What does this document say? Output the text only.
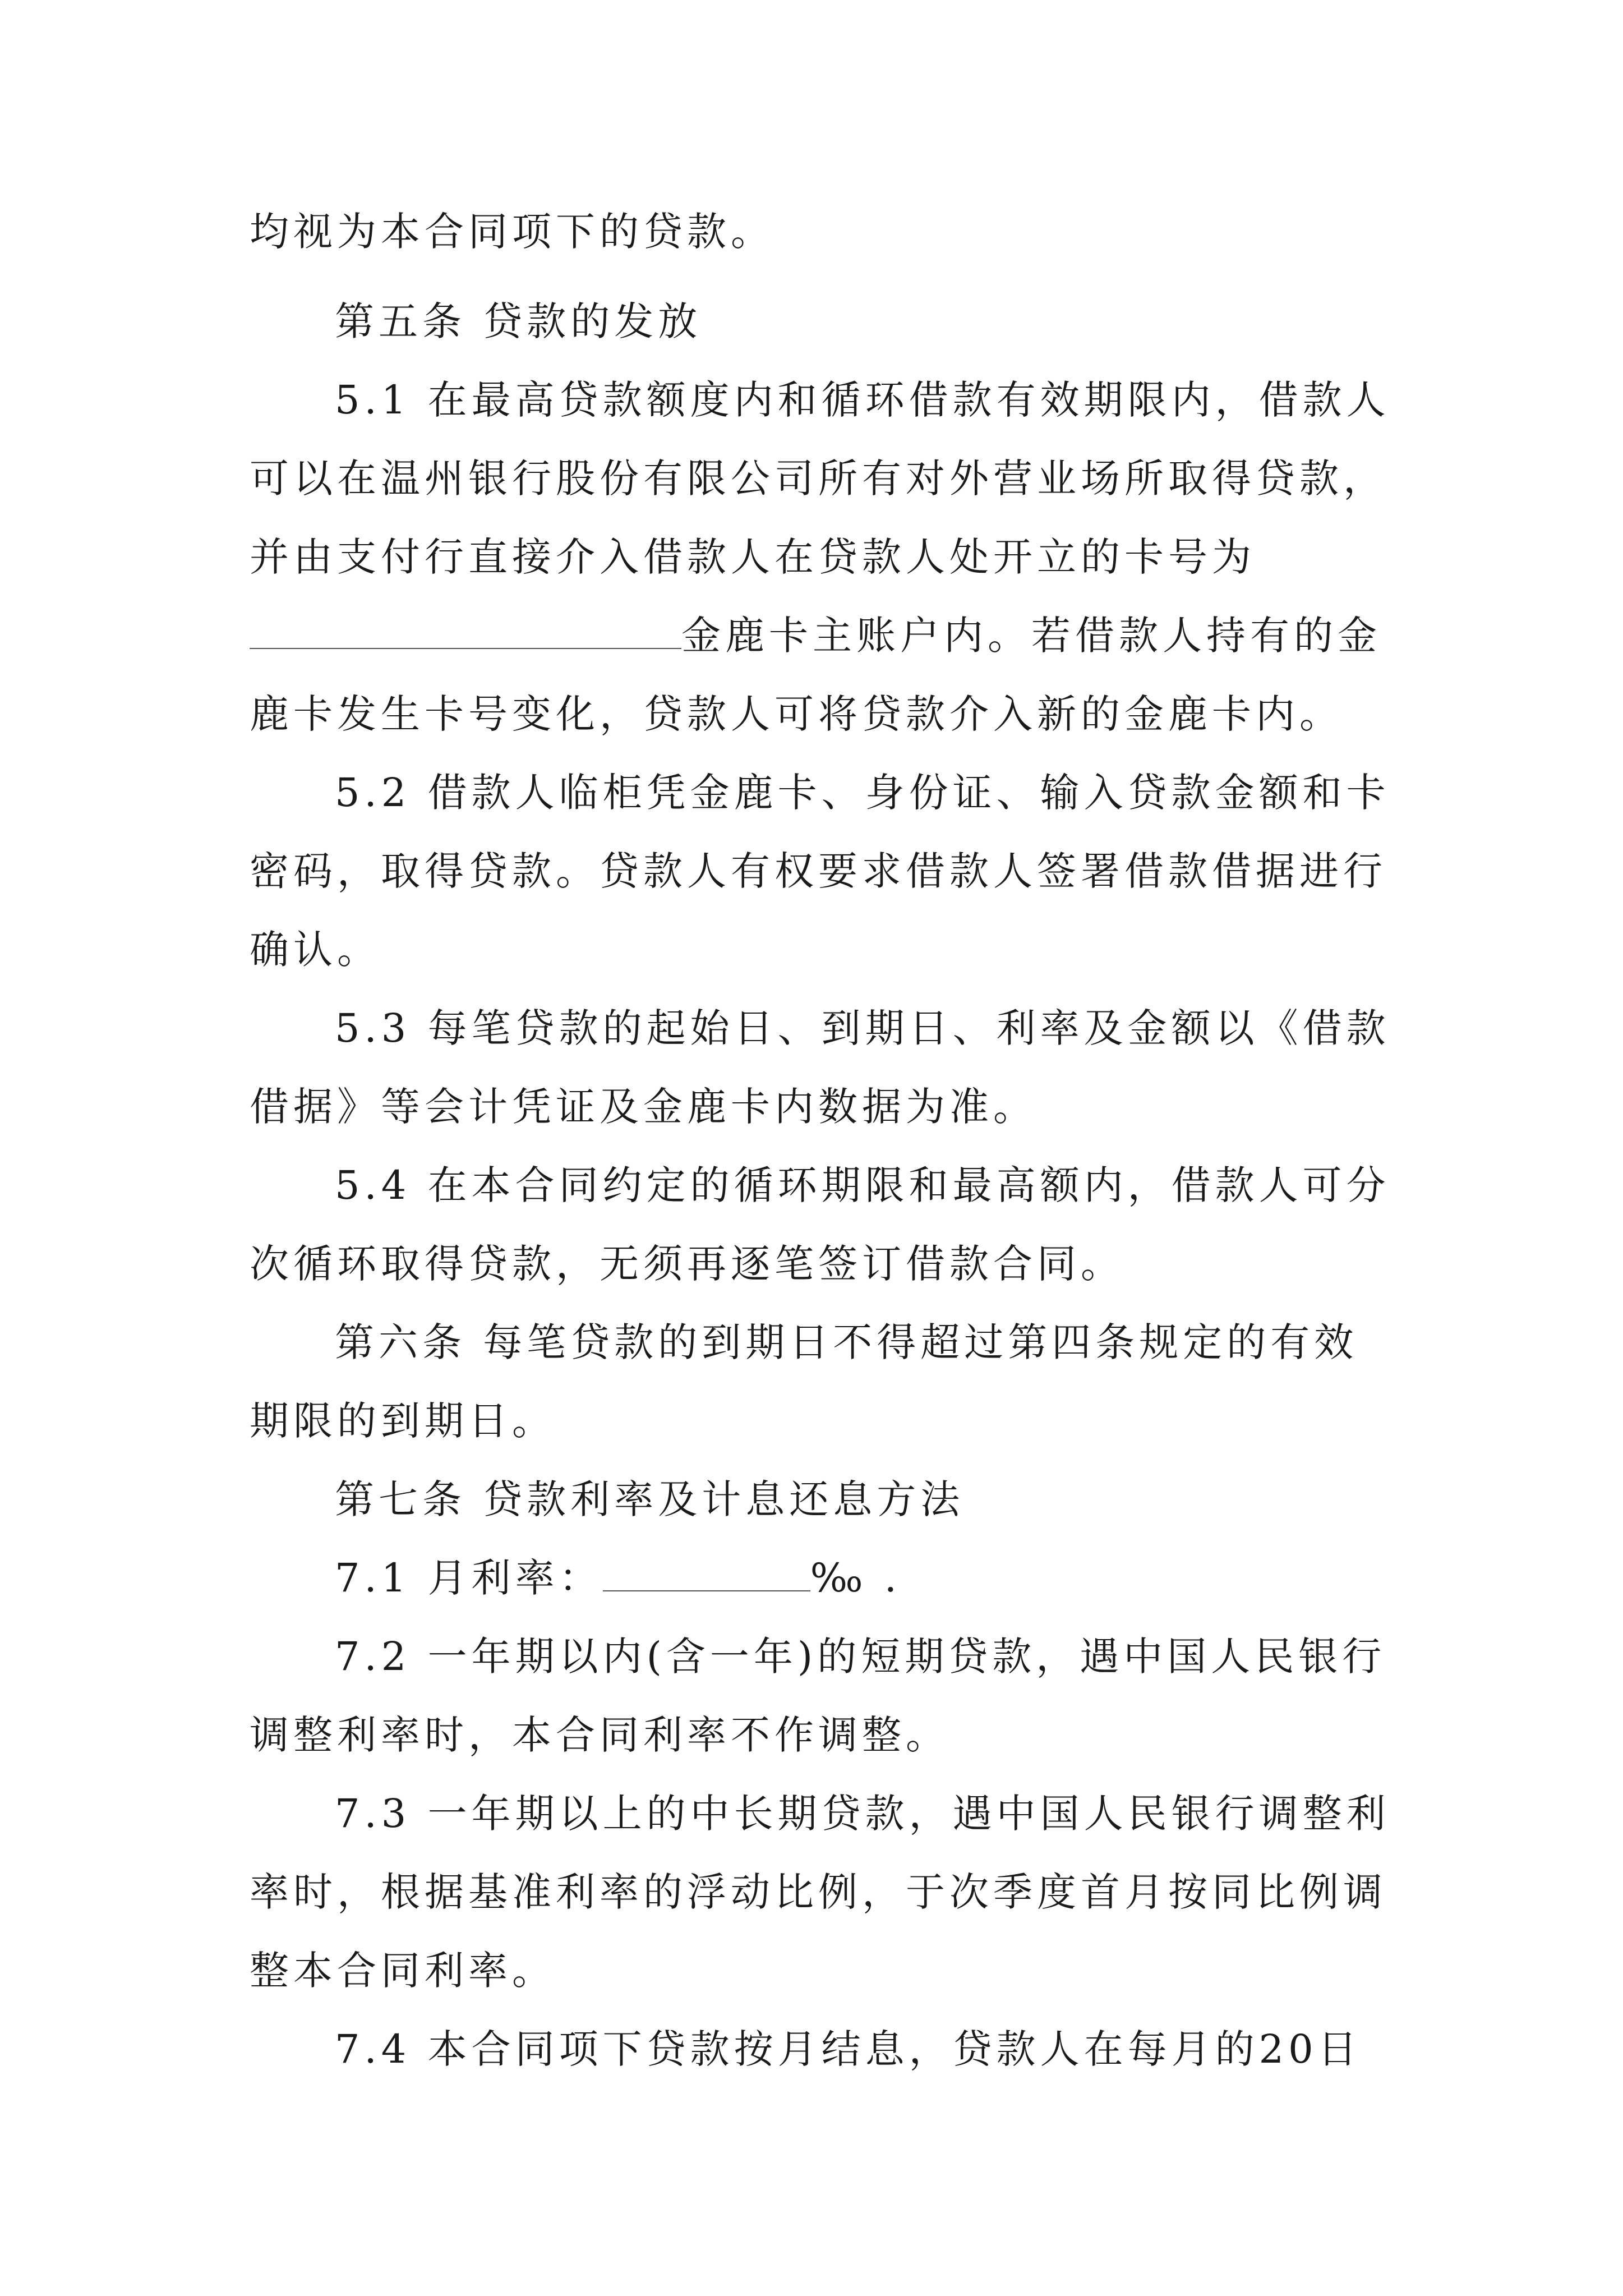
均视为本合同项下的贷款。
第五条 贷款的发放
5.1 在最高贷款额度内和循环借款有效期限内，借款人
可以在温州银行股份有限公司所有对外营业场所取得贷款，
并由支付行直接介入借款人在贷款人处开立的卡号为
金鹿卡主账户内。若借款人持有的金
鹿卡发生卡号变化，贷款人可将贷款介入新的金鹿卡内。
5.2 借款人临柜凭金鹿卡、身份证、输入贷款金额和卡
密码，取得贷款。贷款人有权要求借款人签署借款借据进行
确认。
5.3 每笔贷款的起始日、到期日、利率及金额以《借款
借据》等会计凭证及金鹿卡内数据为准。
5.4 在本合同约定的循环期限和最高额内，借款人可分
次循环取得贷款，无须再逐笔签订借款合同。
第六条 每笔贷款的到期日不得超过第四条规定的有效
期限的到期日。
第七条 贷款利率及计息还息方法
7.1 月利率：	‰ .
7.2 一年期以内(含一年)的短期贷款，遇中国人民银行
调整利率时，本合同利率不作调整。
7.3 一年期以上的中长期贷款，遇中国人民银行调整利
率时，根据基准利率的浮动比例，于次季度首月按同比例调
整本合同利率。
7.4 本合同项下贷款按月结息，贷款人在每月的20日
